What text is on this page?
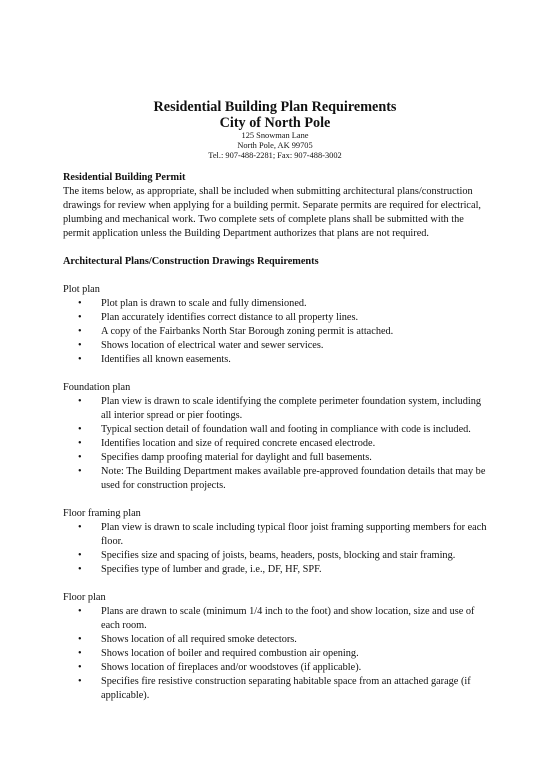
Residential Building Plan Requirements

City of North Pole

125 Snowman Lane

North Pole, AK 99705

Tel.: 907-488-2281; Fax: 907-488-3002

Residential Building Permit

The items below, as appropriate, shall be included when submitting architectural plans/construction drawings for review when applying for a building permit. Separate permits are required for electrical, plumbing and mechanical work. Two complete sets of complete plans shall be submitted with the permit application unless the Building Department authorizes that plans are not required.

Architectural Plans/Construction Drawings Requirements

Plot plan

• Plot plan is drawn to scale and fully dimensioned.
• Plan accurately identifies correct distance to all property lines.
• A copy of the Fairbanks North Star Borough zoning permit is attached.
• Shows location of electrical water and sewer services.
• Identifies all known easements.

Foundation plan

• Plan view is drawn to scale identifying the complete perimeter foundation system, including all interior spread or pier footings.
• Typical section detail of foundation wall and footing in compliance with code is included.
• Identifies location and size of required concrete encased electrode.
• Specifies damp proofing material for daylight and full basements.
• Note: The Building Department makes available pre-approved foundation details that may be used for construction projects.

Floor framing plan

• Plan view is drawn to scale including typical floor joist framing supporting members for each floor.
• Specifies size and spacing of joists, beams, headers, posts, blocking and stair framing.
• Specifies type of lumber and grade, i.e., DF, HF, SPF.

Floor plan

• Plans are drawn to scale (minimum 1/4 inch to the foot) and show location, size and use of each room.
• Shows location of all required smoke detectors.
• Shows location of boiler and required combustion air opening.
• Shows location of fireplaces and/or woodstoves (if applicable).
• Specifies fire resistive construction separating habitable space from an attached garage (if applicable).
